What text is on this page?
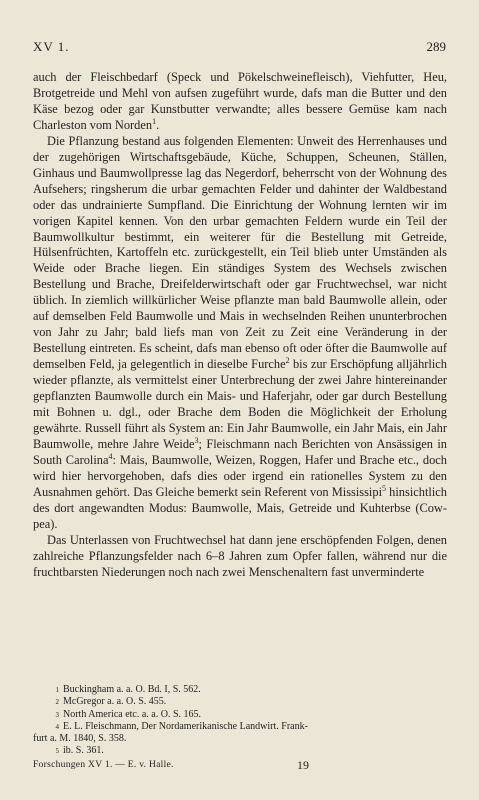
XV 1.	289

auch der Fleischbedarf (Speck und Pökelschweinefleisch), Viehfutter, Heu, Brotgetreide und Mehl von aufsen zugeführt wurde, dafs man die Butter und den Käse bezog oder gar Kunstbutter verwandte; alles bessere Gemüse kam nach Charleston vom Norden$^1$.

Die Pflanzung bestand aus folgenden Elementen: Unweit des Herrenhauses und der zugehörigen Wirtschaftsgebäude, Küche, Schuppen, Scheunen, Ställen, Ginhaus und Baumwollpresse lag das Negerdorf, beherrscht von der Wohnung des Aufsehers; ringsherum die urbar gemachten Felder und dahinter der Waldbestand oder das undrainierte Sumpfland. Die Einrichtung der Wohnung lernten wir im vorigen Kapitel kennen. Von den urbar gemachten Feldern wurde ein Teil der Baumwollkultur bestimmt, ein weiterer für die Bestellung mit Getreide, Hülsenfrüchten, Kartoffeln etc. zurückgestellt, ein Teil blieb unter Umständen als Weide oder Brache liegen. Ein ständiges System des Wechsels zwischen Bestellung und Brache, Dreifelderwirtschaft oder gar Fruchtwechsel, war nicht üblich. In ziemlich willkürlicher Weise pflanzte man bald Baumwolle allein, oder auf demselben Feld Baumwolle und Mais in wechselnden Reihen ununterbrochen von Jahr zu Jahr; bald liefs man von Zeit zu Zeit eine Veränderung in der Bestellung eintreten. Es scheint, dafs man ebenso oft oder öfter die Baumwolle auf demselben Feld, ja gelegentlich in dieselbe Furche$^2$ bis zur Erschöpfung alljährlich wieder pflanzte, als vermittelst einer Unterbrechung der zwei Jahre hintereinander gepflanzten Baumwolle durch ein Mais- und Haferjahr, oder gar durch Bestellung mit Bohnen u. dgl., oder Brache dem Boden die Möglichkeit der Erholung gewährte. Russell führt als System an: Ein Jahr Baumwolle, ein Jahr Mais, ein Jahr Baumwolle, mehre Jahre Weide$^3$; Fleischmann nach Berichten von Ansässigen in South Carolina$^4$: Mais, Baumwolle, Weizen, Roggen, Hafer und Brache etc., doch wird hier hervorgehoben, dafs dies oder irgend ein rationelles System zu den Ausnahmen gehört. Das Gleiche bemerkt sein Referent von Mississipi$^5$ hinsichtlich des dort angewandten Modus: Baumwolle, Mais, Getreide und Kuhterbse (Cow-pea).

Das Unterlassen von Fruchtwechsel hat dann jene erschöpfenden Folgen, denen zahlreiche Pflanzungsfelder nach 6–8 Jahren zum Opfer fallen, während nur die fruchtbarsten Niederungen noch nach zwei Menschenaltern fast unverminderte

1 Buckingham a. a. O. Bd. I, S. 562.
2 McGregor a. a. O. S. 455.
3 North America etc. a. a. O. S. 165.
4 E. L. Fleischmann, Der Nordamerikanische Landwirt. Frank-
furt a. M. 1840, S. 358.
5 ib. S. 361.
Forschungen XV 1. — E. v. Halle.	19
